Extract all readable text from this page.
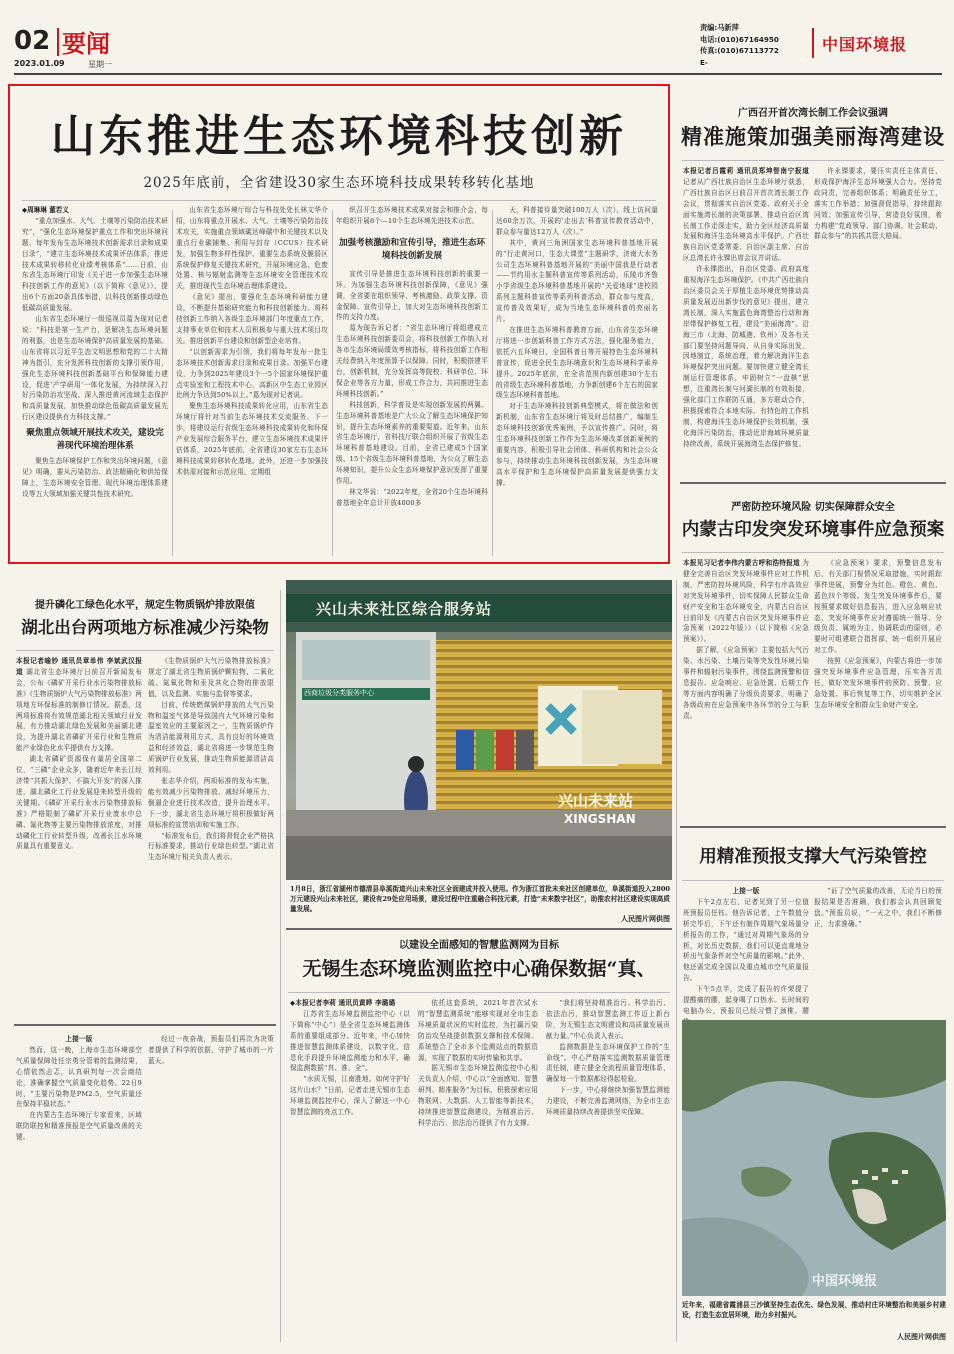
02 要闻
2023.01.09	星期一
责编:马新萍
电话:(010)67164950
传真:(010)67113772
E-
中国环境报
山东推进生态环境科技创新
2025年底前，全省建设30家生态环境科技成果转移转化基地
◆周琳琳 董若义

“重点加强水、大气、土壤等污染防治技术研究”，“强化生态环境保护重点工作和突出环境问题，每年发布生态环境技术创新需求目录和成果目录”，“建立生态环境技术成果评估体系，推进技术成果转移转化业绩考核体系”……日前，山东省生态环境厅印发《关于进一步加强生态环境科技创新工作的意见》（以下简称《意见》），提出6个方面20条具体举措，以科技创新推动绿色低碳高质量发展。

山东省生态环境厅一级巡视员葛为现对记者说：“科技是第一生产力，是解决生态环境问题的利器，也是生态环境保护高质量发展的基础。山东省将以习近平生态文明思想和党的二十大精神为指引，充分发挥科技创新的支撑引领作用，强化生态环境科技创新基础平台和保障能力建设，促进‘产学研用’一体化发展，为持续深入打好污染防治攻坚战、深入推进黄河流域生态保护和高质量发展，加快推动绿色低碳高质量发展先行区建设提供有力科技支撑。”

聚焦重点领域开展技术攻关，建设完善现代环境治理体系

聚焦生态环境保护工作和突出环境问题，《意见》明确，要从污染防治、政法精确化和供给保障上，生态环境安全管理、现代环境治理体系建设等五大领域加强关键共性技术研究。

山东省生态环境厅综合与科技处处长林文华介绍，山东将重点开展水、大气、土壤等污染防治技术攻关，实施重点领域碳达峰碳中和关键技术以及重点行业碳捕集、利用与封存（CCUS）技术研发，加强生物多样性保护、重要生态系统及脆弱区系统保护修复关键技术研究，开展环境应急、危废处置、核与辐射监测等生态环境安全管理技术攻关，推进现代生态环境治理体系建设。

《意见》提出，要强化生态环境科研能力建设，不断提升基础研究能力和科技创新能力。将科技创新工作纳入各级生态环境部门年度重点工作，支持事业单位和技术人员积极参与重大技术项目攻关。推进创新平台建设和创新型企业培育。

“以创新需求为引领，我们将每年发布一批生态环境技术创新需求目录和成果目录。加强平台建设，力争到2025年建设3个一5个国家环境保护重点实验室和工程技术中心，高新区中生态工业园区比例力争达到50%以上。”葛为现对记者说。

聚焦生态环境科技成果转化应用，山东省生态环境厅将针对当前生态环境技术交流服务、下一步，将建设运行省级生态环境科技成果转化和环保产业发展综合服务平台，建立生态环境技术成果评估体系，2025年底前，全省建设30家左右生态环境科技成果转移转化基地。此外，还进一步加强技术供需对接和示范应用，定期组

织召开生态环境技术成果对接会和推介会，每年组织开展8个—10个生态环境先进技术示范。

加强考核激励和宣传引导，推进生态环境科技创新发展

宣传引导是推进生态环境科技创新的重要一环。为加强生态环境科技创新保障，《意见》强调，全省要在组织领导、考核激励、政策支撑、资金保障、宣传引导上，加大对生态环境科技创新工作的支持力度。

葛为现告诉记者：“省生态环境厅将组建成立生态环境科技创新委员会，将科技创新工作纳入对各市生态环境局绩效考核指标，将科技创新工作相关经费纳入年度预算予以保障。同时，积极搭建平台，创新机制，充分发挥高等院校、科研单位、环保企业等各方力量，形成工作合力，共同推进生态环境科技创新。”

科技创新，科学普及是实现创新发展的两翼。生态环境科普基地是广大公众了解生态环境保护知识，提升生态环境素养的重要渠道。近年来，山东省生态环境厅，省科技厅联合组织开展了省级生态环境科普基地建设。目前，全省已建成5个国家级、15个省级生态环境科普基地，为公众了解生态环境知识，提升公众生态环境保护意识发挥了重要作用。

林文华说：“2022年度，全省20个生态环境科普基地全年总计开放4000多

天，科普接待量突破100万人（次），线上访问量达60余万次，开展的‘走出去’科普宣传教育活动中，群众参与量达12万人（次）。”

其中，黄河三角洲国家生态环境科普基地开展的“行走黄河口，生态大课堂”主题研学，济南大水务公司生态环境科普基地开展的“美丽中国我是行动者——节约用水主题科普宣传等系列活动，乐陵市齐鲁小学省级生态环境科普基地开展的“关爱地球”进校园系列主题科普宣传等系列科普活动，群众参与度高，宣传普及效果好，成为当地生态环境科普的亮丽名片。

在推进生态环境科普教育方面，山东省生态环境厅将进一步创新科普工作方式方法，强化服务能力，依托六五环境日，全国科普日等开展特色生态环境科普宣传，促进全民生态环境意识和生态环境科学素养提升。2025年底前，在全省范围内新创建30个左右的省级生态环境科普基地，力争新创建6个左右的国家级生态环境科普基地。

对于生态环境科技创新典型模式，将在做法和创新机制，山东省生态环境厅将及时总结推广，编制生态环境科技创新优秀案例，予以宣传推广。同时，将生态环境科技创新工作作为生态环境改革创新案例的重要内容，积极引导社会团体、科研机构和社会公众参与，持续推动生态环境科技创新发展，为生态环境高水平保护和生态环境保护高质量发展提供强力支撑。

广西召开首次湾长制工作会议强调
精准施策加强美丽海湾建设
本报记者吕霞莉 通讯员郑坤智南宁报道 记者从广西壮族自治区生态环境厅获悉，广西壮族自治区日前召开首次湾长制工作会议，贯彻落实自治区党委、政府关于全面实施湾长制的决策部署，推动自治区湾长制工作走深走实，助力全区经济高质量发展和海洋生态环境高水平保护。广西壮族自治区党委常委、自治区副主席、自治区总湾长许永锞出席会议并讲话。

许永锞指出，自治区党委、政府高度重视海洋生态环境保护。《中共广西壮族自治区委员会关于厚植生态环境优势推动高质量发展迈出新步伐的意见》提出，建立湾长制，深入实施蓝色海湾整治行动和海岸带保护修复工程，建设“美丽海湾”。沿海三市（北海、防城港、钦州）及各有关部门要坚持问题导向，从自身实际出发，因地制宜，系统治理，着力解决海洋生态环境保护突出问题。要加快建立健全湾长制运行管理体系，牢固树立“一盘棋”思想，注重湾长制与河湖长制的有效衔接，强化部门工作联防互通，多方联动合作，积极探索符合本地实际、有特色的工作机制，构建海洋生态环境保护长效机制，强化海洋污染防治，推动近岸海域环境质量持续改善，系统开展海湾生态保护修复。

许永锞要求，要压实责任主体责任，形成保护海洋生态环境强大合力。坚持党政同责，完善组织体系；明确责任分工，落实工作举措；加强督促指导，持续跟踪问效；加强宣传引导，营造良好氛围，着力构建“党政领导、部门协调、社会联动、群众参与”的共抓共管大格局。

严密防控环境风险 切实保障群众安全
内蒙古印发突发环境事件应急预案
本报见习记者李伟内蒙古呼和浩特报道 为健全完善自治区突发环境事件应对工作机制，严密防控环境风险，科学有序高效应对突发环境事件，切实保障人民群众生命财产安全和生态环境安全，内蒙古自治区日前印发《内蒙古自治区突发环境事件应急预案（2022年版）》（以下简称《应急预案》）。

据了解，《应急预案》主要包括大气污染、水污染、土壤污染等突发性环境污染事件和辐射污染事件，围绕监测预警和信息报告、应急响应、应急处置、后期工作等方面内容明确了分级负责要求，明确了各级政府在应急预案中各环节的分工与职责。

《应急预案》要求，预警信息发布后，有关部门视情况采取措施，实时跟踪事件进展，预警分为红色、橙色、黄色、蓝色四个等级。发生突发环境事件后，要按照要求做好信息报告，进入应急响应状态，突发环境事件应对遵循统一领导、分级负责、属地为主、协调联动的原则，必要时可组建联合指挥部，统一组织开展应对工作。

按照《应急预案》，内蒙古将进一步加强突发环境事件应急管理，压实各方责任，做好突发环境事件的预防、预警、应急处置、事后恢复等工作，切实维护全区生态环境安全和群众生命财产安全。

用精准预报支撑大气污染管控
上接一版

下午2点左右，记者见到了另一位值班预报员任钰。他告诉记者，上午数值分析完毕后，下午还有制作周期气象场量分析报告的工作，“通过对周期气象场的分析，对比历史数据，我们可以更直观地分析出气象条件对空气质量的影响。”此外，他还需完成全国以及重点城市空气质量报告。

下午5点半，完成了报告的许荣提了提酸痛的腰，起身喝了口热水。长时间的电脑办公，预报员已经习惯了颈椎、腰

“证了空气质量的改善，无论当日的预报结果是否准确，我们都会认真回顾复盘。”预报员说，“一天之中，我们不断修正，力求准确。”

提升磷化工绿色化水平，规定生物质锅炉排放限值
湖北出台两项地方标准减少污染物
本报记者喻妙 通讯员章单伟 李斌武汉报道 湖北省生态环境厅日前召开新闻发布会，公布《磷矿开采行业水污染物排放标准》《生物质锅炉大气污染物排放标准》两项地方环保标准的制修订情况。据悉，这两项标准将有效规范湖北相关领域行业发展，有力推动湖北绿色发展和美丽湖北建设，为提升湖北省磷矿开采行业和生物质能产业绿色化水平提供有力支撑。

湖北省磷矿资源保有量居全国第二位，“三磷”企业众多，随着近年来长江经济带“共抓大保护、不搞大开发”的深入推进，湖北磷化工行业发展迎来转型升级的关键期。《磷矿开采行业水污染物排放标准》严格限制了磷矿开采行业废水中总磷、氟化物等主要污染物排放浓度，对推动磷化工行业转型升级、改善长江水环境质量具有重要意义。

《生物质锅炉大气污染物排放标准》规定了湖北省生物质锅炉颗粒物、二氧化硫、氮氧化物和汞及其化合物的排放限值，以及监测、实施与监督等要求。

目前，传统燃煤锅炉排放的大气污染物和温室气体是导致国内大气环境污染和温室效应的主要原因之一，生物质锅炉作为清洁能源利用方式，具有良好的环境效益和经济效益，湖北省将进一步规范生物质锅炉行业发展，推动生物质能源清洁高效利用。

张志华介绍，两项标准的发布实施，能有效减少污染物排放、减轻环境压力，倒逼企业进行技术改造，提升治理水平。下一步，湖北省生态环境厅将积极做好两项标准的宣贯培训和实施工作。

“标准发布后，我们将督促企业严格执行标准要求，推动行业绿色转型。”湖北省生态环境厅相关负责人表示。

上接一版

然而，这一晚，上海市生态环境部空气质量保障处任宗勇分管着的监测结果，心情依然忐忑，认真研判每一次会商结论，准确掌握空气质量变化趋势。22日9时，“主要污染物是PM2.5，空气质量还在保持平稳状态。”

在内蒙古生态环境厅专家看来，区域联防联控和精准预报是空气质量改善的关键。

经过一夜奋战，预报员们再次为决策者提供了科学的依据，守护了城市的一片蓝天。

兴山未来社区综合服务站
兴山未来站
XINGSHAN
西商垃圾分类服务中心
1月8日，浙江省湖州市德清县阜溪街道兴山未来社区全面建成并投入使用。作为浙江首批未来社区创建单位，阜溪街道投入2800万元建设兴山未来社区，建设有29处应用场景，建设过程中注重融合科技元素，打造“未来数字社区”，助推农村社区建设实现高质量发展。
人民图片网供图
以建设全面感知的智慧监测网为目标
无锡生态环境监测监控中心确保数据“真、
◆本报记者李莉 通讯员黄晔 李璐璐

江苏省生态环境监测监控中心（以下简称“中心”）是全省生态环境监测体系的重要组成部分。近年来，中心加快推进智慧监测体系建设，以数字化、信息化手段提升环境监测能力和水平，确保监测数据“真、准、全”。

“水质无锡，江南胜地。如何守护好这片山水？”日前，记者走进无锡市生态环境监测监控中心，深入了解这一中心智慧监测的亮点工作。

依托这套系统，2021年首次试水的“智慧监测系统”能够实现对全市生态环境质量状况的实时监控，为打赢污染防治攻坚战提供数据支撑和技术保障。系统整合了全市多个监测站点的数据资源，实现了数据的实时传输和共享。

据无锡市生态环境监测监控中心相关负责人介绍，中心以“全面感知、智慧研判、精准服务”为目标，积极探索应用物联网、大数据、人工智能等新技术，持续推进智慧监测建设，为精准治污、科学治污、依法治污提供了有力支撑。

“我们将坚持精准治污、科学治污、依法治污，推动智慧监测工作迈上新台阶，为无锡生态文明建设和高质量发展贡献力量。”中心负责人表示。

监测数据是生态环境保护工作的“生命线”。中心严格落实监测数据质量管理责任制，建立健全全流程质量管理体系，确保每一个数据都经得起检验。

下一步，中心将继续加强智慧监测能力建设，不断完善监测网络，为全市生态环境质量持续改善提供坚实保障。

中国环境报
近年来，福建省霞浦县三沙镇坚持生态优先、绿色发展，推动村庄环境整治和美丽乡村建设，打造生态宜居环境，助力乡村振兴。
人民图片网供图
